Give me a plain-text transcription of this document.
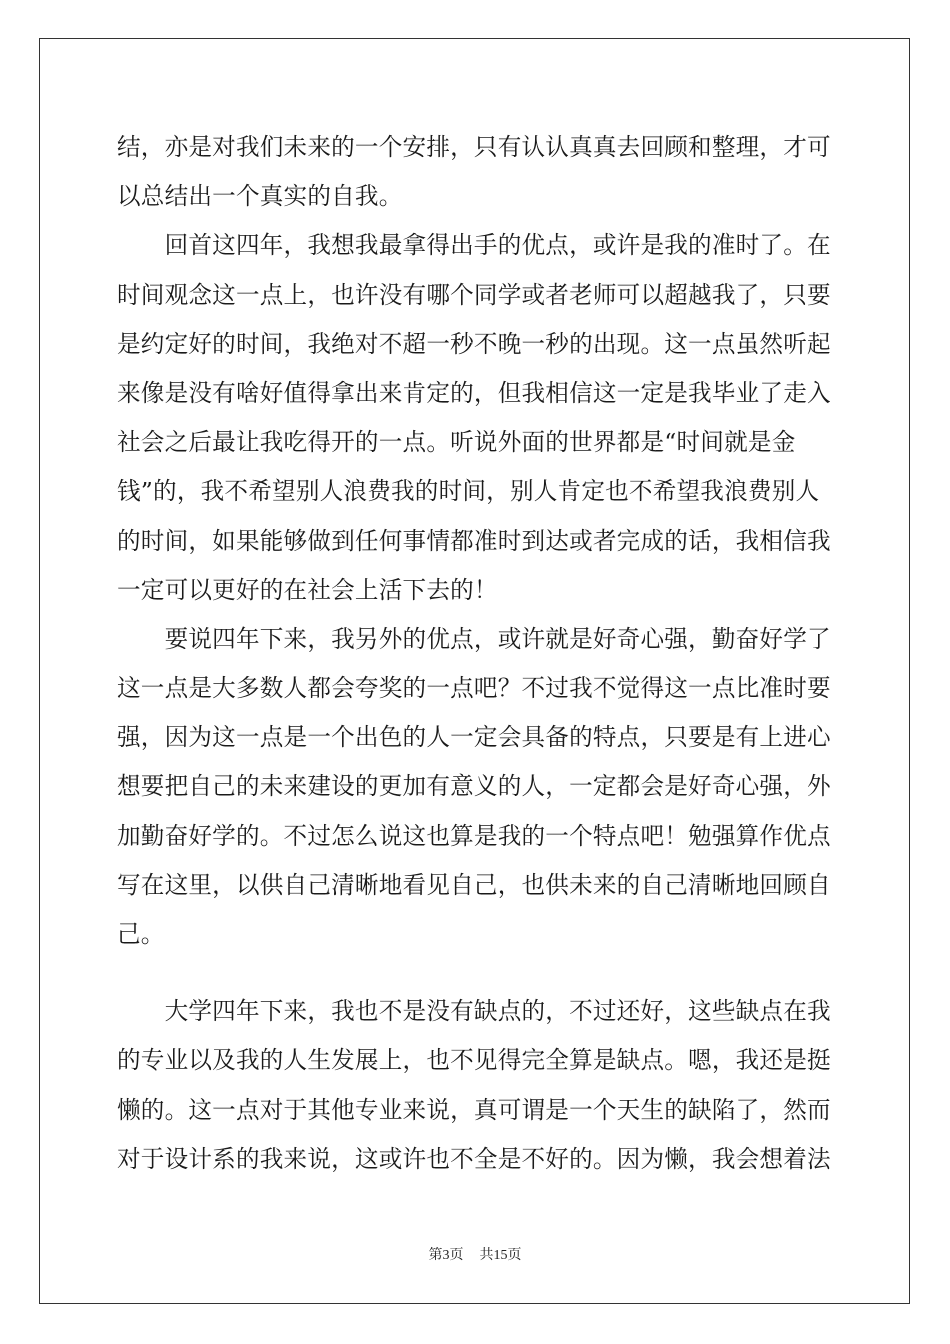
结，亦是对我们未来的一个安排，只有认认真真去回顾和整理，才可
以总结出一个真实的自我。
　　回首这四年，我想我最拿得出手的优点，或许是我的准时了。在
时间观念这一点上，也许没有哪个同学或者老师可以超越我了，只要
是约定好的时间，我绝对不超一秒不晚一秒的出现。这一点虽然听起
来像是没有啥好值得拿出来肯定的，但我相信这一定是我毕业了走入
社会之后最让我吃得开的一点。听说外面的世界都是“时间就是金
钱”的，我不希望别人浪费我的时间，别人肯定也不希望我浪费别人
的时间，如果能够做到任何事情都准时到达或者完成的话，我相信我
一定可以更好的在社会上活下去的！
　　要说四年下来，我另外的优点，或许就是好奇心强，勤奋好学了
这一点是大多数人都会夸奖的一点吧？不过我不觉得这一点比准时要
强，因为这一点是一个出色的人一定会具备的特点，只要是有上进心
想要把自己的未来建设的更加有意义的人，一定都会是好奇心强，外
加勤奋好学的。不过怎么说这也算是我的一个特点吧！勉强算作优点
写在这里，以供自己清晰地看见自己，也供未来的自己清晰地回顾自
己。
　　大学四年下来，我也不是没有缺点的，不过还好，这些缺点在我
的专业以及我的人生发展上，也不见得完全算是缺点。嗯，我还是挺
懒的。这一点对于其他专业来说，真可谓是一个天生的缺陷了，然而
对于设计系的我来说，这或许也不全是不好的。因为懒，我会想着法
第3页 共15页
